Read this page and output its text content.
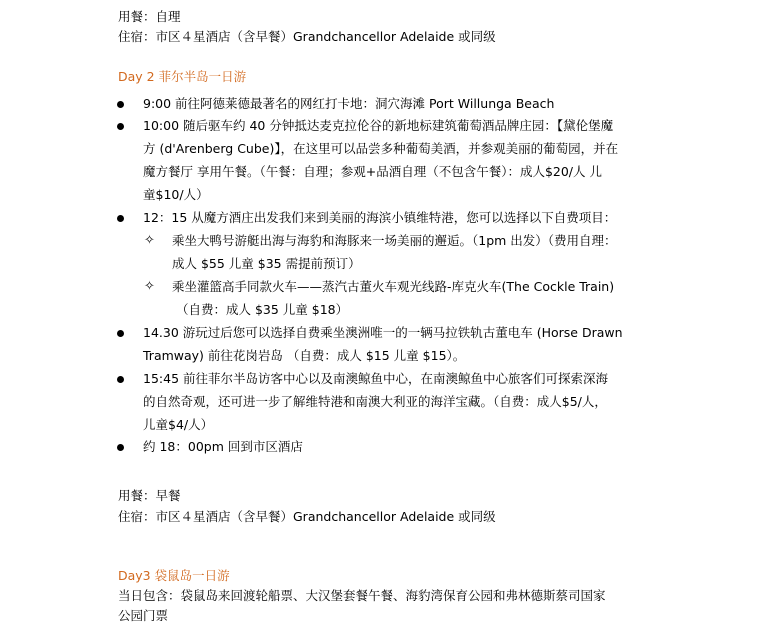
用餐：自理
住宿：市区４星酒店（含早餐）Grandchancellor Adelaide 或同级
Day 2 菲尔半岛一日游
9:00 前往阿德莱德最著名的网红打卡地：洞穴海滩 Port Willunga Beach
10:00 随后驱车约 40 分钟抵达麦克拉伦谷的新地标建筑葡萄酒品牌庄园：【黛伦堡魔
方 (d'Arenberg Cube)】，在这里可以品尝多种葡萄美酒，并参观美丽的葡萄园，并在
魔方餐厅 享用午餐。（午餐：自理；参观+品酒自理（不包含午餐）：成人$20/人 儿
童$10/人）
12：15 从魔方酒庄出发我们来到美丽的海滨小镇维特港，您可以选择以下自费项目：
✧ 乘坐大鸭号游艇出海与海豹和海豚来一场美丽的邂逅。（1pm 出发）（费用自理：
成人 $55 儿童 $35 需提前预订）
✧ 乘坐灌篮高手同款火车——蒸汽古董火车观光线路-库克火车(The Cockle Train)
（自费：成人 $35 儿童 $18）
14.30 游玩过后您可以选择自费乘坐澳洲唯一的一辆马拉铁轨古董电车 (Horse Drawn
Tramway) 前往花岗岩岛 （自费：成人 $15 儿童 $15）。
15:45 前往菲尔半岛访客中心以及南澳鲸鱼中心，在南澳鲸鱼中心旅客们可探索深海
的自然奇观，还可进一步了解维特港和南澳大利亚的海洋宝藏。（自费：成人$5/人，
儿童$4/人）
约 18：00pm 回到市区酒店
用餐：早餐
住宿：市区４星酒店（含早餐）Grandchancellor Adelaide 或同级
Day3 袋鼠岛一日游
当日包含：袋鼠岛来回渡轮船票、大汉堡套餐午餐、海豹湾保育公园和弗林德斯蔡司国家
公园门票
